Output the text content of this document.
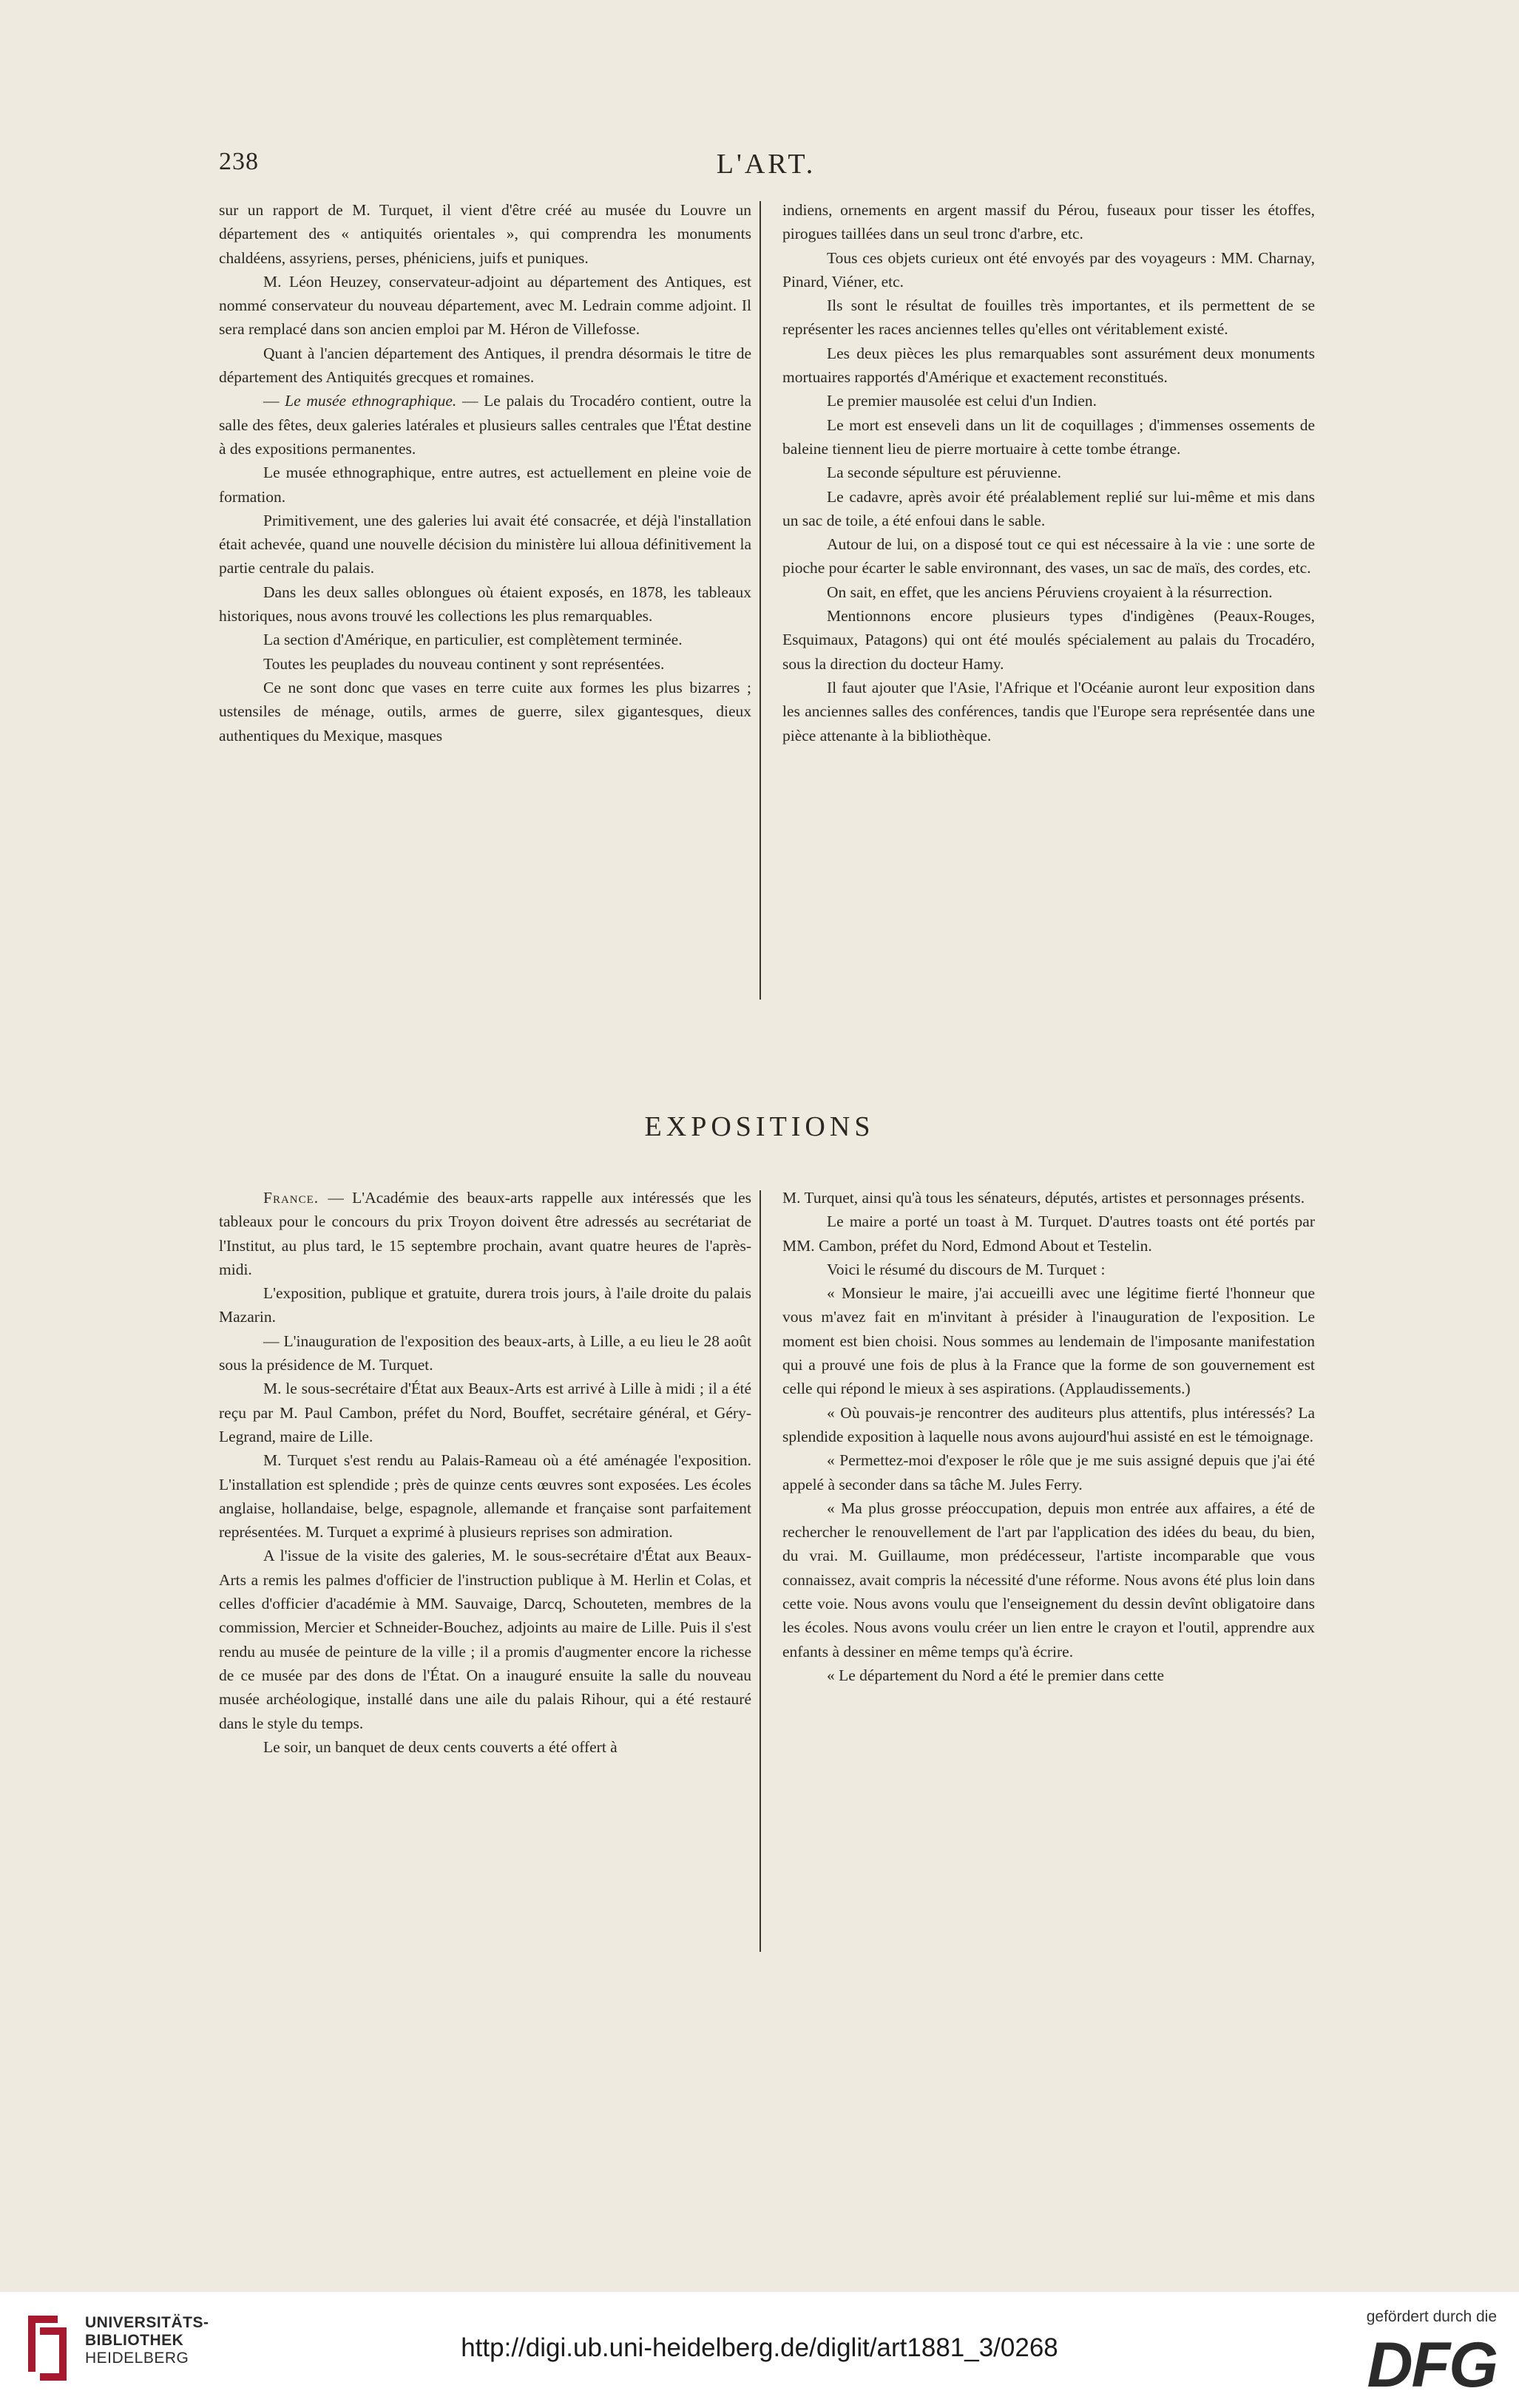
238	L'ART.

sur un rapport de M. Turquet, il vient d'être créé au musée du Louvre un département des « antiquités orientales », qui comprendra les monuments chaldéens, assyriens, perses, phéniciens, juifs et puniques.

M. Léon Heuzey, conservateur-adjoint au département des Antiques, est nommé conservateur du nouveau département, avec M. Ledrain comme adjoint. Il sera remplacé dans son ancien emploi par M. Héron de Villefosse.

Quant à l'ancien département des Antiques, il prendra désormais le titre de département des Antiquités grecques et romaines.

— Le musée ethnographique. — Le palais du Trocadéro contient, outre la salle des fêtes, deux galeries latérales et plusieurs salles centrales que l'État destine à des expositions permanentes.

Le musée ethnographique, entre autres, est actuellement en pleine voie de formation.

Primitivement, une des galeries lui avait été consacrée, et déjà l'installation était achevée, quand une nouvelle décision du ministère lui alloua définitivement la partie centrale du palais.

Dans les deux salles oblongues où étaient exposés, en 1878, les tableaux historiques, nous avons trouvé les collections les plus remarquables.

La section d'Amérique, en particulier, est complètement terminée.

Toutes les peuplades du nouveau continent y sont représentées.

Ce ne sont donc que vases en terre cuite aux formes les plus bizarres ; ustensiles de ménage, outils, armes de guerre, silex gigantesques, dieux authentiques du Mexique, masques

indiens, ornements en argent massif du Pérou, fuseaux pour tisser les étoffes, pirogues taillées dans un seul tronc d'arbre, etc.

Tous ces objets curieux ont été envoyés par des voyageurs : MM. Charnay, Pinard, Viéner, etc.

Ils sont le résultat de fouilles très importantes, et ils permettent de se représenter les races anciennes telles qu'elles ont véritablement existé.

Les deux pièces les plus remarquables sont assurément deux monuments mortuaires rapportés d'Amérique et exactement reconstitués.

Le premier mausolée est celui d'un Indien.

Le mort est enseveli dans un lit de coquillages ; d'immenses ossements de baleine tiennent lieu de pierre mortuaire à cette tombe étrange.

La seconde sépulture est péruvienne.

Le cadavre, après avoir été préalablement replié sur lui-même et mis dans un sac de toile, a été enfoui dans le sable.

Autour de lui, on a disposé tout ce qui est nécessaire à la vie : une sorte de pioche pour écarter le sable environnant, des vases, un sac de maïs, des cordes, etc.

On sait, en effet, que les anciens Péruviens croyaient à la résurrection.

Mentionnons encore plusieurs types d'indigènes (Peaux-Rouges, Esquimaux, Patagons) qui ont été moulés spécialement au palais du Trocadéro, sous la direction du docteur Hamy.

Il faut ajouter que l'Asie, l'Afrique et l'Océanie auront leur exposition dans les anciennes salles des conférences, tandis que l'Europe sera représentée dans une pièce attenante à la bibliothèque.

EXPOSITIONS

France. — L'Académie des beaux-arts rappelle aux intéressés que les tableaux pour le concours du prix Troyon doivent être adressés au secrétariat de l'Institut, au plus tard, le 15 septembre prochain, avant quatre heures de l'après-midi.

L'exposition, publique et gratuite, durera trois jours, à l'aile droite du palais Mazarin.

— L'inauguration de l'exposition des beaux-arts, à Lille, a eu lieu le 28 août sous la présidence de M. Turquet.

M. le sous-secrétaire d'État aux Beaux-Arts est arrivé à Lille à midi ; il a été reçu par M. Paul Cambon, préfet du Nord, Bouffet, secrétaire général, et Géry-Legrand, maire de Lille.

M. Turquet s'est rendu au Palais-Rameau où a été aménagée l'exposition. L'installation est splendide ; près de quinze cents œuvres sont exposées. Les écoles anglaise, hollandaise, belge, espagnole, allemande et française sont parfaitement représentées. M. Turquet a exprimé à plusieurs reprises son admiration.

A l'issue de la visite des galeries, M. le sous-secrétaire d'État aux Beaux-Arts a remis les palmes d'officier de l'instruction publique à M. Herlin et Colas, et celles d'officier d'académie à MM. Sauvaige, Darcq, Schouteten, membres de la commission, Mercier et Schneider-Bouchez, adjoints au maire de Lille. Puis il s'est rendu au musée de peinture de la ville ; il a promis d'augmenter encore la richesse de ce musée par des dons de l'État. On a inauguré ensuite la salle du nouveau musée archéologique, installé dans une aile du palais Rihour, qui a été restauré dans le style du temps.

Le soir, un banquet de deux cents couverts a été offert à

M. Turquet, ainsi qu'à tous les sénateurs, députés, artistes et personnages présents.

Le maire a porté un toast à M. Turquet. D'autres toasts ont été portés par MM. Cambon, préfet du Nord, Edmond About et Testelin.

Voici le résumé du discours de M. Turquet :

« Monsieur le maire, j'ai accueilli avec une légitime fierté l'honneur que vous m'avez fait en m'invitant à présider à l'inauguration de l'exposition. Le moment est bien choisi. Nous sommes au lendemain de l'imposante manifestation qui a prouvé une fois de plus à la France que la forme de son gouvernement est celle qui répond le mieux à ses aspirations. (Applaudissements.)

« Où pouvais-je rencontrer des auditeurs plus attentifs, plus intéressés? La splendide exposition à laquelle nous avons aujourd'hui assisté en est le témoignage.

« Permettez-moi d'exposer le rôle que je me suis assigné depuis que j'ai été appelé à seconder dans sa tâche M. Jules Ferry.

« Ma plus grosse préoccupation, depuis mon entrée aux affaires, a été de rechercher le renouvellement de l'art par l'application des idées du beau, du bien, du vrai. M. Guillaume, mon prédécesseur, l'artiste incomparable que vous connaissez, avait compris la nécessité d'une réforme. Nous avons été plus loin dans cette voie. Nous avons voulu que l'enseignement du dessin devînt obligatoire dans les écoles. Nous avons voulu créer un lien entre le crayon et l'outil, apprendre aux enfants à dessiner en même temps qu'à écrire.

« Le département du Nord a été le premier dans cette

UNIVERSITÄTS-
BIBLIOTHEK
HEIDELBERG	http://digi.ub.uni-heidelberg.de/diglit/art1881_3/0268
gefördert durch die
DFG
